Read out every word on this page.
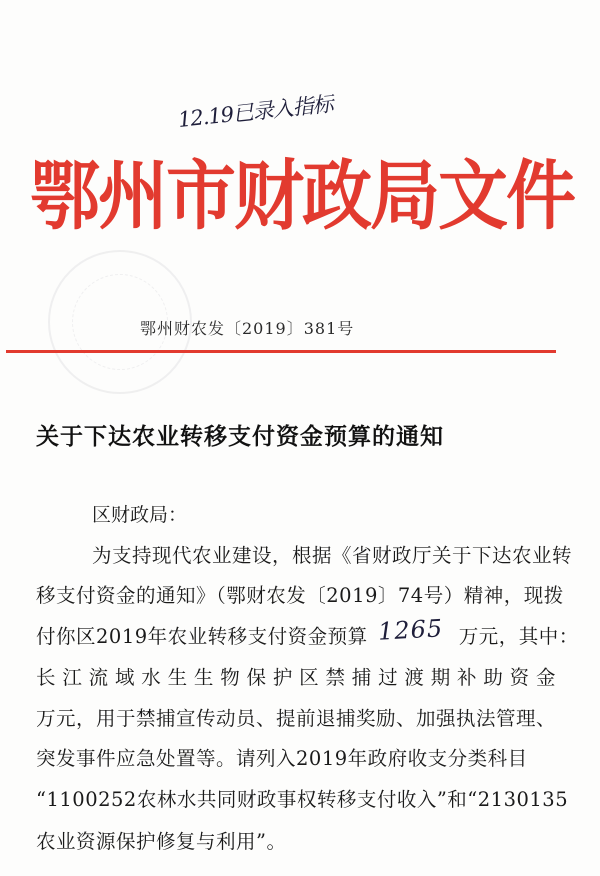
12.19已录入指标
鄂州市财政局文件
鄂州财农发〔2019〕381号
关于下达农业转移支付资金预算的通知
区财政局：
为支持现代农业建设，根据《省财政厅关于下达农业转
移支付资金的通知》（鄂财农发〔2019〕74号）精神，现拨
付你区2019年农业转移支付资金预算 1265 万元，其中：
长江流域水生生物保护区禁捕过渡期补助资金
万元，用于禁捕宣传动员、提前退捕奖励、加强执法管理、
突发事件应急处置等。请列入2019年政府收支分类科目
“1100252农林水共同财政事权转移支付收入”和“2130135
农业资源保护修复与利用”。
